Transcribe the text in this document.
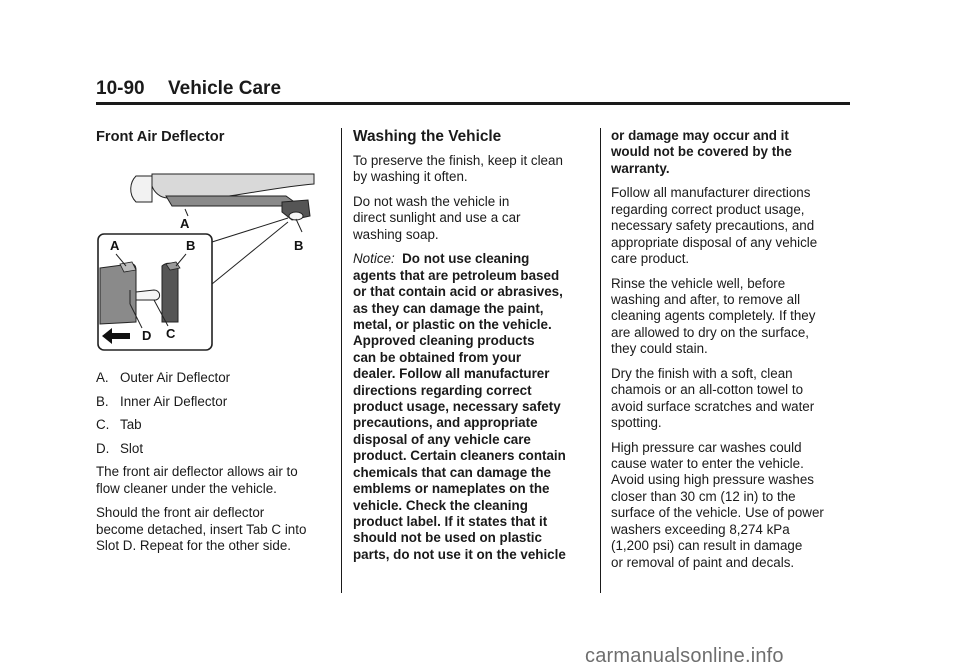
10-90 Vehicle Care
Front Air Deflector

A. Outer Air Deflector

B. Inner Air Deflector

C. Tab

D. Slot

The front air deflector allows air to
flow cleaner under the vehicle.

Should the front air deflector
become detached, insert Tab C into
Slot D. Repeat for the other side.

A
B
A	B
D C
Washing the Vehicle

To preserve the finish, keep it clean
by washing it often.

Do not wash the vehicle in
direct sunlight and use a car
washing soap.

Notice: Do not use cleaning
agents that are petroleum based
or that contain acid or abrasives,
as they can damage the paint,
metal, or plastic on the vehicle.
Approved cleaning products
can be obtained from your
dealer. Follow all manufacturer
directions regarding correct
product usage, necessary safety
precautions, and appropriate
disposal of any vehicle care
product. Certain cleaners contain
chemicals that can damage the
emblems or nameplates on the
vehicle. Check the cleaning
product label. If it states that it
should not be used on plastic
parts, do not use it on the vehicle

or damage may occur and it
would not be covered by the
warranty.

Follow all manufacturer directions
regarding correct product usage,
necessary safety precautions, and
appropriate disposal of any vehicle
care product.

Rinse the vehicle well, before
washing and after, to remove all
cleaning agents completely. If they
are allowed to dry on the surface,
they could stain.

Dry the finish with a soft, clean
chamois or an all-cotton towel to
avoid surface scratches and water
spotting.

High pressure car washes could
cause water to enter the vehicle.
Avoid using high pressure washes
closer than 30 cm (12 in) to the
surface of the vehicle. Use of power
washers exceeding 8,274 kPa
(1,200 psi) can result in damage
or removal of paint and decals.

carmanualsonline.info
